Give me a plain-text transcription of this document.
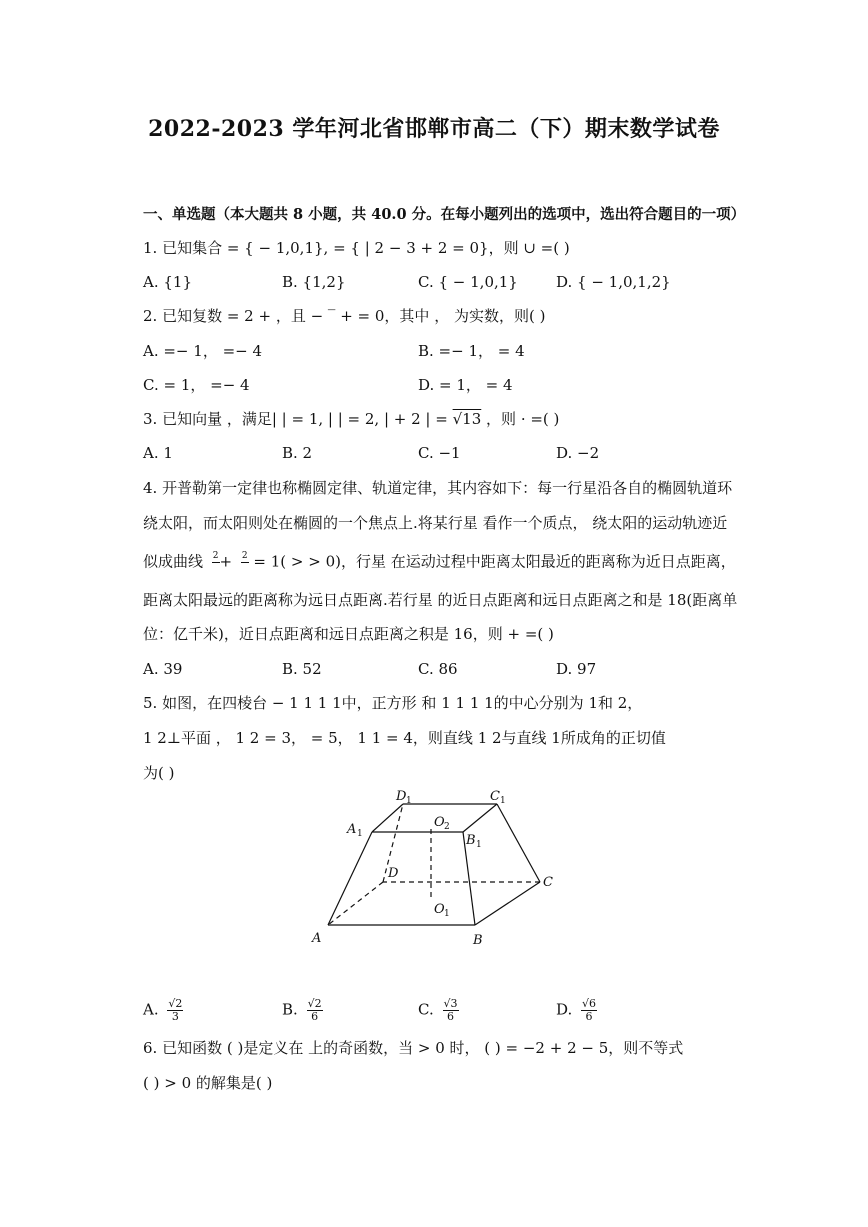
2022-2023 学年河北省邯郸市高二（下）期末数学试卷
一、单选题（本大题共 8 小题，共 40.0 分。在每小题列出的选项中，选出符合题目的一项）
1. 已知集合 = { − 1,0,1}, = { | 2 − 3 + 2 = 0}，则 ∪ =( )
A. {1}	B. {1,2}	C. { − 1,0,1}	D. { − 1,0,1,2}
2. 已知复数 = 2 + ，且 − ‾ + = 0，其中 ， 为实数，则( )
A. =− 1， =− 4	B. =− 1， = 4
C. = 1， =− 4	D. = 1， = 4
3. 已知向量 ，满足| | = 1, | | = 2, | + 2 | = √13 ，则 · =( )
A. 1	B. 2	C. −1	D. −2
4. 开普勒第一定律也称椭圆定律、轨道定律，其内容如下：每一行星沿各自的椭圆轨道环
绕太阳，而太阳则处在椭圆的一个焦点上.将某行星 看作一个质点， 绕太阳的运动轨迹近
似成曲线 2
+ 2
= 1( > > 0)，行星 在运动过程中距离太阳最近的距离称为近日点距离，
距离太阳最远的距离称为远日点距离.若行星 的近日点距离和远日点距离之和是 18(距离单
位：亿千米)，近日点距离和远日点距离之积是 16，则 + =( )
A. 39	B. 52	C. 86	D. 97
5. 如图，在四棱台 − 1 1 1 1中，正方形 和 1 1 1 1的中心分别为 1和 2，
1 2⊥平面 ， 1 2 = 3， = 5， 1 1 = 4，则直线 1 2与直线 1所成角的正切值
为( )
A	B
C
D
A 1	B 1
C 1
D 1
O 1
O 2
A. $\frac{√2}{3}$	B. $\frac{√2}{6}$	C. $\frac{√3}{6}$	D. $\frac{√6}{6}$
6. 已知函数 ( )是定义在 上的奇函数，当 > 0 时， ( ) = −2 + 2 − 5，则不等式
( ) > 0 的解集是( )
